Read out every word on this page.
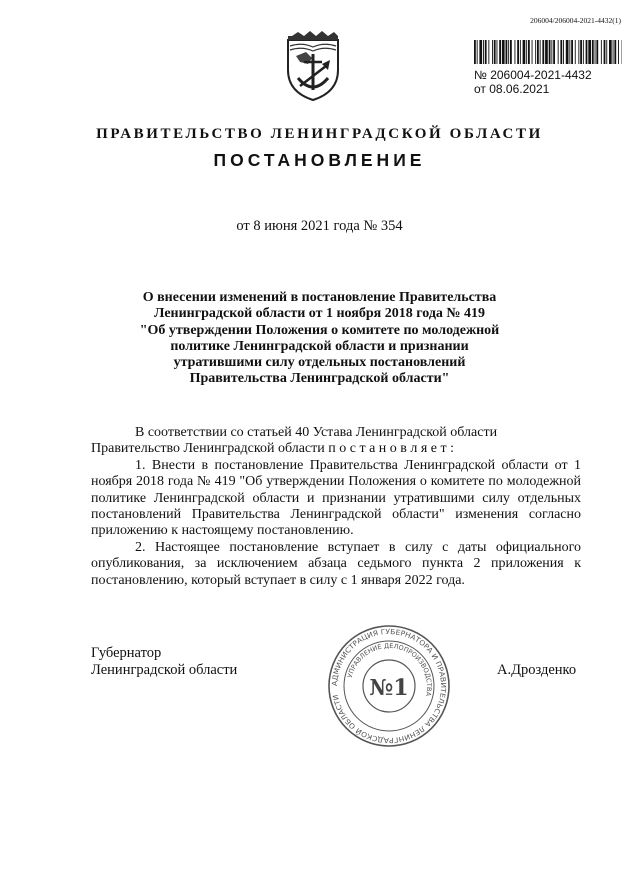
206004/206004-2021-4432(1)
№ 206004-2021-4432
от 08.06.2021
ПРАВИТЕЛЬСТВО ЛЕНИНГРАДСКОЙ ОБЛАСТИ
ПОСТАНОВЛЕНИЕ
от 8 июня 2021 года № 354
О внесении изменений в постановление Правительства
Ленинградской области от 1 ноября 2018 года № 419
"Об утверждении Положения о комитете по молодежной
политике Ленинградской области и признании
утратившими силу отдельных постановлений
Правительства Ленинградской области"

В соответствии со статьей 40 Устава Ленинградской области

Правительство Ленинградской области п о с т а н о в л я е т :

1. Внести в постановление Правительства Ленинградской области от 1 ноября 2018 года № 419 "Об утверждении Положения о комитете по молодежной политике Ленинградской области и признании утратившими силу отдельных постановлений Правительства Ленинградской области" изменения согласно приложению к настоящему постановлению.

2. Настоящее постановление вступает в силу с даты официального опубликования, за исключением абзаца седьмого пункта 2 приложения к постановлению, который вступает в силу с 1 января 2022 года.

Губернатор
Ленинградской области	А.Дрозденко
АДМИНИСТРАЦИЯ ГУБЕРНАТОРА И ПРАВИТЕЛЬСТВА ЛЕНИНГРАДСКОЙ ОБЛАСТИ
УПРАВЛЕНИЕ ДЕЛОПРОИЗВОДСТВА
№1
